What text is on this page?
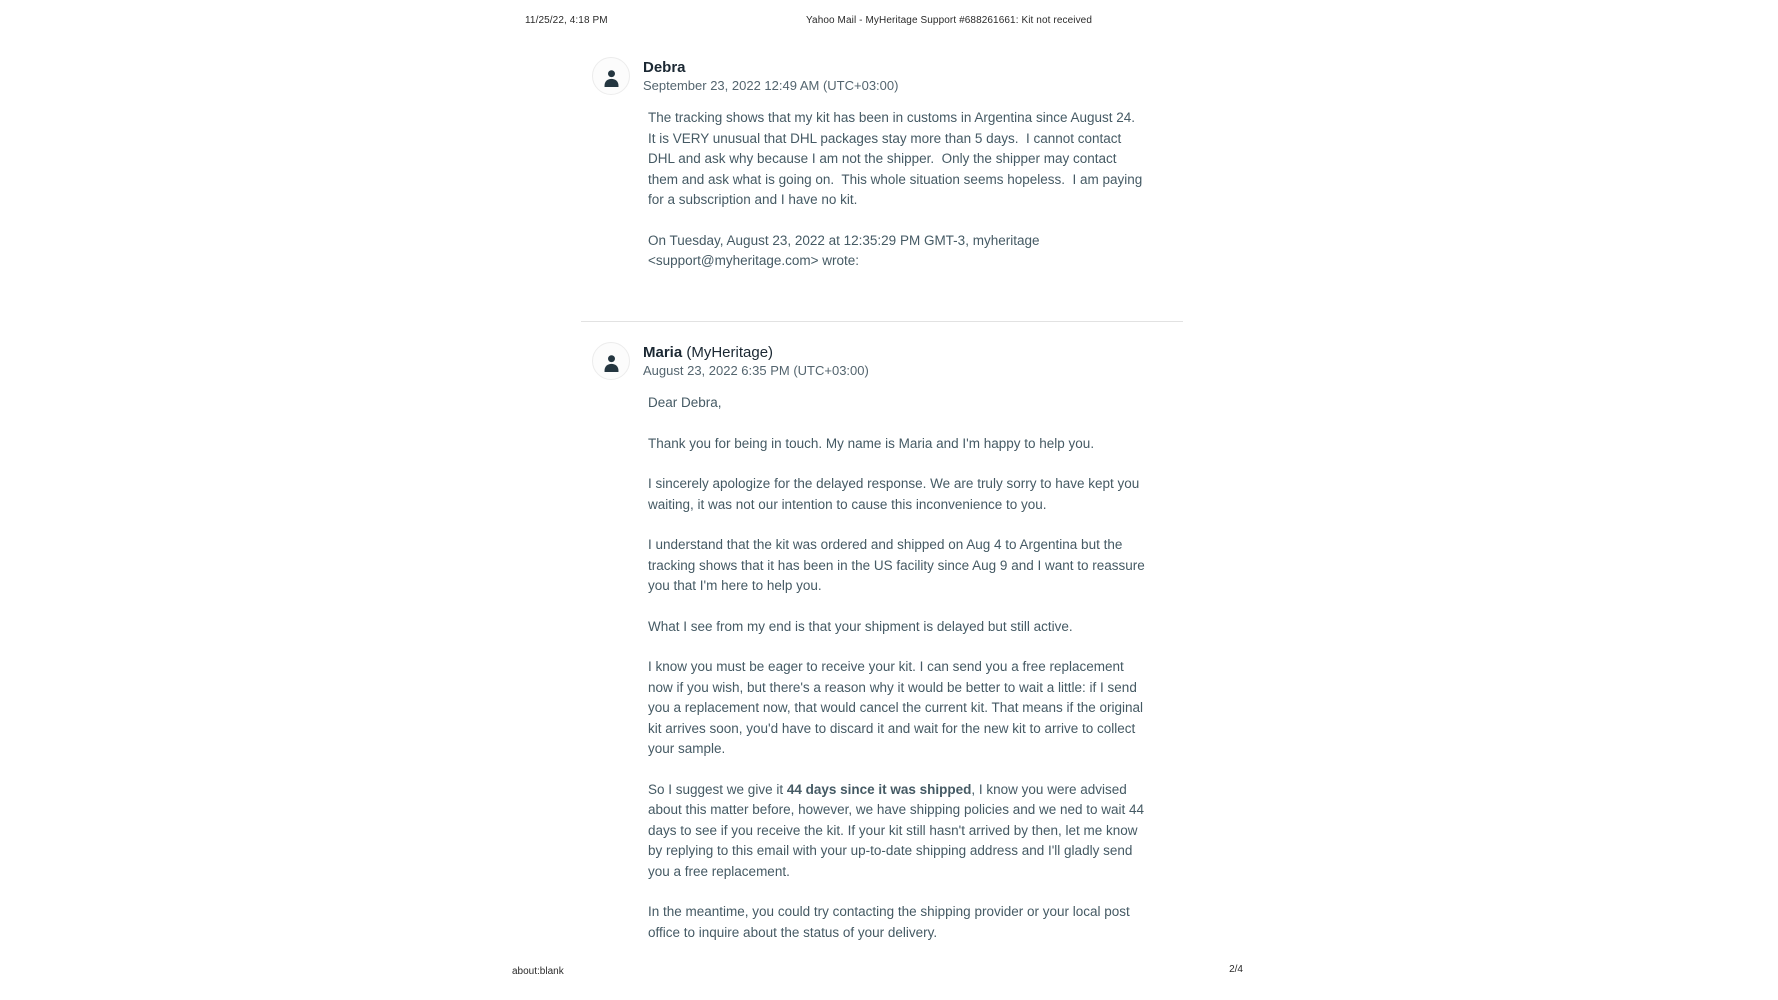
11/25/22, 4:18 PM	Yahoo Mail - MyHeritage Support #688261661: Kit not received
Debra
September 23, 2022 12:49 AM (UTC+03:00)

The tracking shows that my kit has been in customs in Argentina since August 24.  It is VERY unusual that DHL packages stay more than 5 days.  I cannot contact DHL and ask why because I am not the shipper.  Only the shipper may contact them and ask what is going on.  This whole situation seems hopeless.  I am paying for a subscription and I have no kit.

On Tuesday, August 23, 2022 at 12:35:29 PM GMT-3, myheritage <support@myheritage.com> wrote:

Maria (MyHeritage)
August 23, 2022 6:35 PM (UTC+03:00)

Dear Debra,

Thank you for being in touch. My name is Maria and I'm happy to help you.

I sincerely apologize for the delayed response. We are truly sorry to have kept you waiting, it was not our intention to cause this inconvenience to you.

I understand that the kit was ordered and shipped on Aug 4 to Argentina but the tracking shows that it has been in the US facility since Aug 9 and I want to reassure you that I'm here to help you.

What I see from my end is that your shipment is delayed but still active.

I know you must be eager to receive your kit. I can send you a free replacement now if you wish, but there's a reason why it would be better to wait a little: if I send you a replacement now, that would cancel the current kit. That means if the original kit arrives soon, you'd have to discard it and wait for the new kit to arrive to collect your sample.

So I suggest we give it 44 days since it was shipped, I know you were advised about this matter before, however, we have shipping policies and we ned to wait 44 days to see if you receive the kit. If your kit still hasn't arrived by then, let me know by replying to this email with your up-to-date shipping address and I'll gladly send you a free replacement.

In the meantime, you could try contacting the shipping provider or your local post office to inquire about the status of your delivery.

about:blank	2/4
